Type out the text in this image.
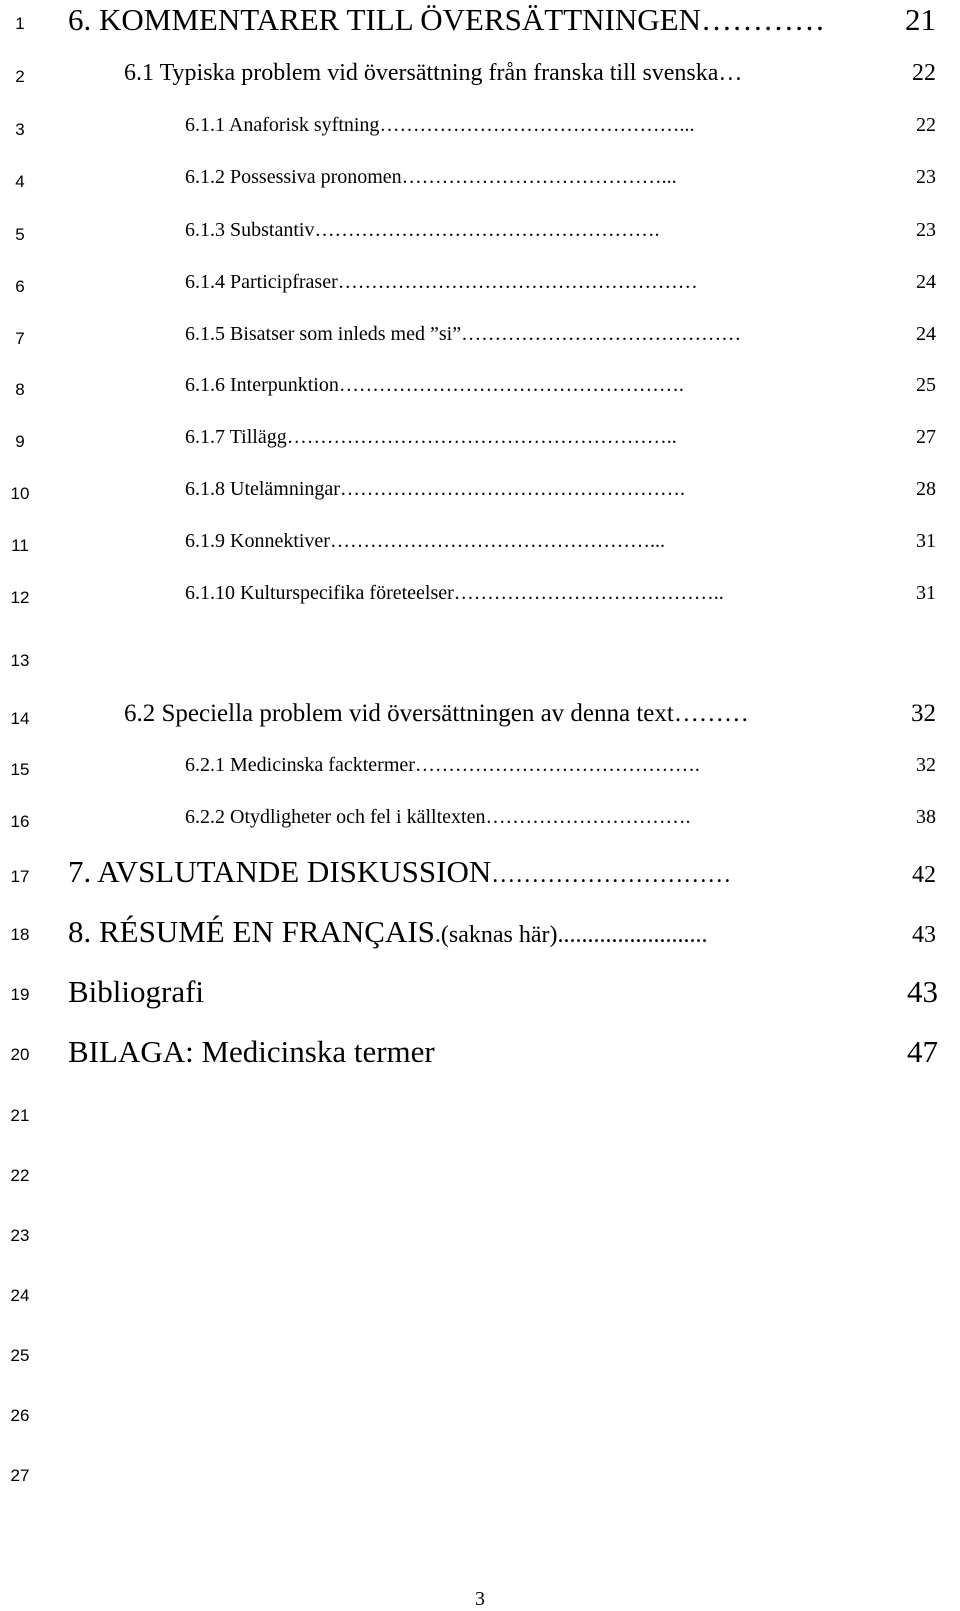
1
2
3
4
5
6
7
8
9
10
11
12
13
14
15
16
17
18
19
20
21
22
23
24
25
26
27
6. KOMMENTARER TILL ÖVERSÄTTNINGEN …………	21
6.1 Typiska problem vid översättning från franska till svenska …	22
6.1.1 Anaforisk syftning ………………………………………...	22
6.1.2 Possessiva pronomen …………………………………...	23
6.1.3 Substantiv …………………………………………….	23
6.1.4 Participfraser ………………………………………………	24
6.1.5 Bisatser som inleds med ”si” ……………………………………	24
6.1.6 Interpunktion …………………………………………….	25
6.1.7 Tillägg …………………………………………………..	27
6.1.8 Utelämningar …………………………………………….	28
6.1.9 Konnektiver …………………………………………...	31
6.1.10 Kulturspecifika företeelser …………………………………..	31
6.2 Speciella problem vid översättningen av denna text ………	32
6.2.1 Medicinska facktermer …………………………………….	32
6.2.2 Otydligheter och fel i källtexten ………………………….	38
7. AVSLUTANDE DISKUSSION …………………………	42
8. RÉSUMÉ EN FRANÇAIS .(saknas här).........................	43
Bibliografi	43
BILAGA: Medicinska termer	47
3
